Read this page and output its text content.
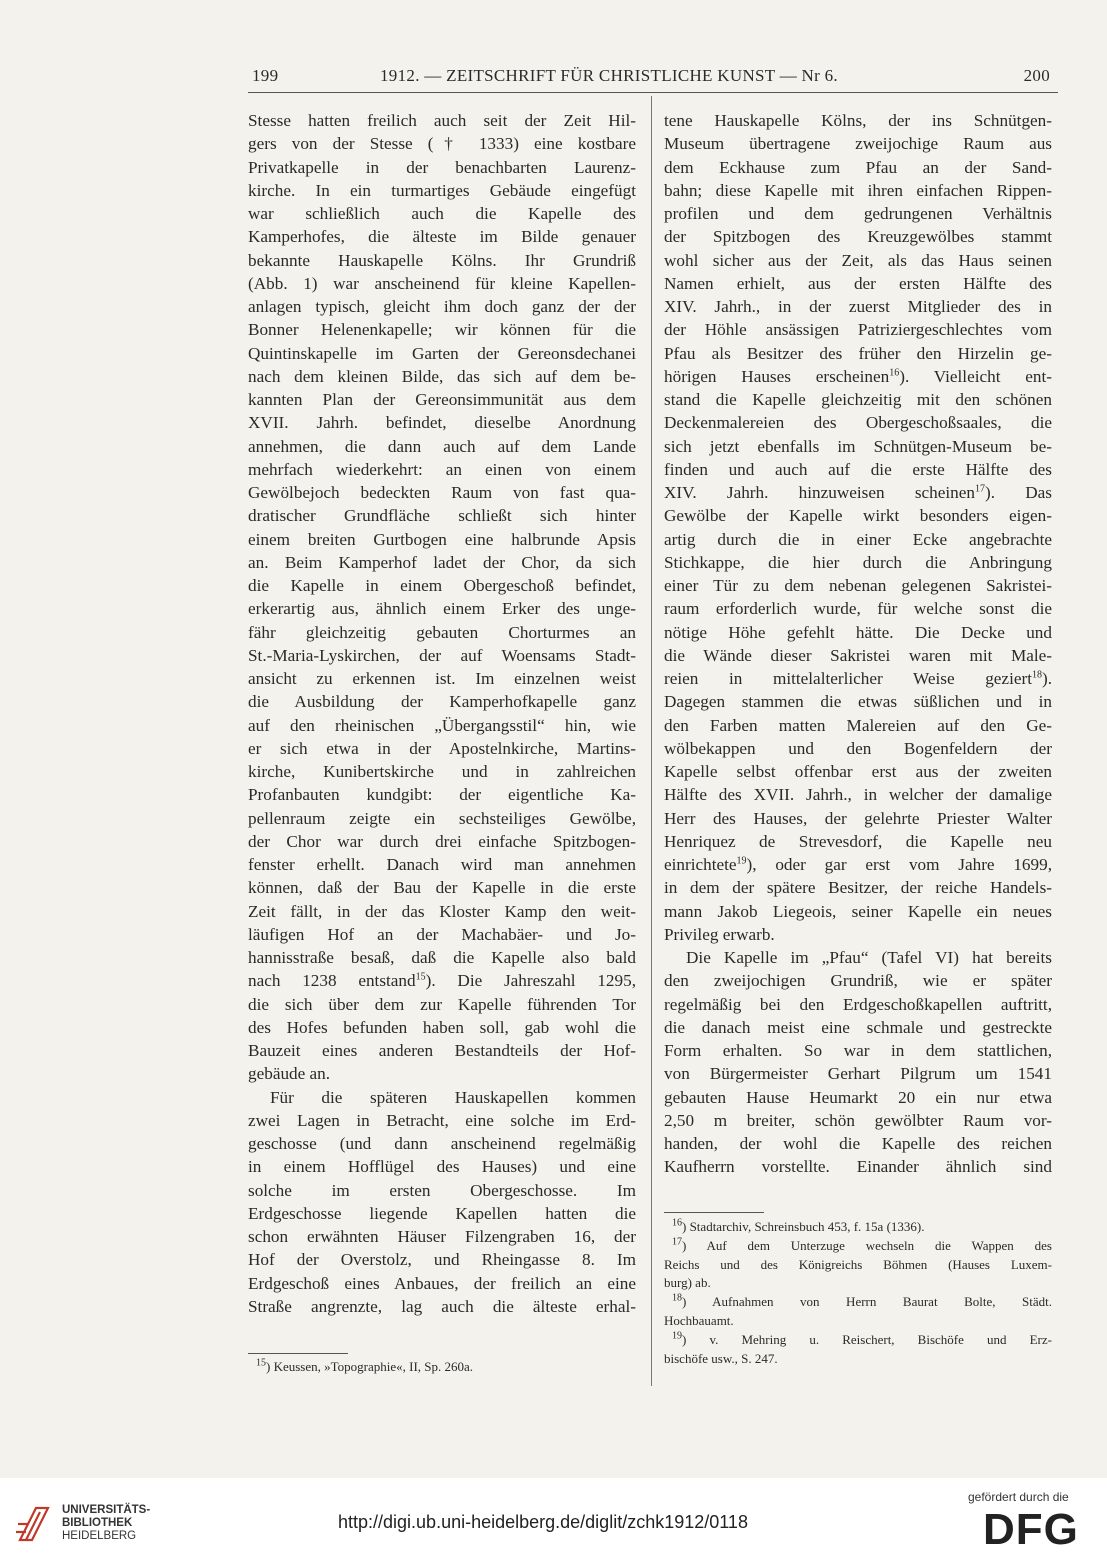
199	1912. — ZEITSCHRIFT FÜR CHRISTLICHE KUNST — Nr 6.	200
Stesse hatten freilich auch seit der Zeit Hil-
gers von der Stesse († 1333) eine kostbare
Privatkapelle in der benachbarten Laurenz-
kirche. In ein turmartiges Gebäude eingefügt
war schließlich auch die Kapelle des
Kamperhofes, die älteste im Bilde genauer
bekannte Hauskapelle Kölns. Ihr Grundriß
(Abb. 1) war anscheinend für kleine Kapellen-
anlagen typisch, gleicht ihm doch ganz der der
Bonner Helenenkapelle; wir können für die
Quintinskapelle im Garten der Gereonsdechanei
nach dem kleinen Bilde, das sich auf dem be-
kannten Plan der Gereonsimmunität aus dem
XVII. Jahrh. befindet, dieselbe Anordnung
annehmen, die dann auch auf dem Lande
mehrfach wiederkehrt: an einen von einem
Gewölbejoch bedeckten Raum von fast qua-
dratischer Grundfläche schließt sich hinter
einem breiten Gurtbogen eine halbrunde Apsis
an. Beim Kamperhof ladet der Chor, da sich
die Kapelle in einem Obergeschoß befindet,
erkerartig aus, ähnlich einem Erker des unge-
fähr gleichzeitig gebauten Chorturmes an
St.-Maria-Lyskirchen, der auf Woensams Stadt-
ansicht zu erkennen ist. Im einzelnen weist
die Ausbildung der Kamperhofkapelle ganz
auf den rheinischen „Übergangsstil“ hin, wie
er sich etwa in der Apostelnkirche, Martins-
kirche, Kunibertskirche und in zahlreichen
Profanbauten kundgibt: der eigentliche Ka-
pellenraum zeigte ein sechsteiliges Gewölbe,
der Chor war durch drei einfache Spitzbogen-
fenster erhellt. Danach wird man annehmen
können, daß der Bau der Kapelle in die erste
Zeit fällt, in der das Kloster Kamp den weit-
läufigen Hof an der Machabäer- und Jo-
hannisstraße besaß, daß die Kapelle also bald
nach 1238 entstand$^{15}$). Die Jahreszahl 1295,
die sich über dem zur Kapelle führenden Tor
des Hofes befunden haben soll, gab wohl die
Bauzeit eines anderen Bestandteils der Hof-
gebäude an.
Für die späteren Hauskapellen kommen
zwei Lagen in Betracht, eine solche im Erd-
geschosse (und dann anscheinend regelmäßig
in einem Hofflügel des Hauses) und eine
solche im ersten Obergeschosse. Im
Erdgeschosse liegende Kapellen hatten die
schon erwähnten Häuser Filzengraben 16, der
Hof der Overstolz, und Rheingasse 8. Im
Erdgeschoß eines Anbaues, der freilich an eine
Straße angrenzte, lag auch die älteste erhal-
$^{15}$) Keussen, »Topographie«, II, Sp. 260a.
tene Hauskapelle Kölns, der ins Schnütgen-
Museum übertragene zweijochige Raum aus
dem Eckhause zum Pfau an der Sand-
bahn; diese Kapelle mit ihren einfachen Rippen-
profilen und dem gedrungenen Verhältnis
der Spitzbogen des Kreuzgewölbes stammt
wohl sicher aus der Zeit, als das Haus seinen
Namen erhielt, aus der ersten Hälfte des
XIV. Jahrh., in der zuerst Mitglieder des in
der Höhle ansässigen Patriziergeschlechtes vom
Pfau als Besitzer des früher den Hirzelin ge-
hörigen Hauses erscheinen$^{16}$). Vielleicht ent-
stand die Kapelle gleichzeitig mit den schönen
Deckenmalereien des Obergeschoßsaales, die
sich jetzt ebenfalls im Schnütgen-Museum be-
finden und auch auf die erste Hälfte des
XIV. Jahrh. hinzuweisen scheinen$^{17}$). Das
Gewölbe der Kapelle wirkt besonders eigen-
artig durch die in einer Ecke angebrachte
Stichkappe, die hier durch die Anbringung
einer Tür zu dem nebenan gelegenen Sakristei-
raum erforderlich wurde, für welche sonst die
nötige Höhe gefehlt hätte. Die Decke und
die Wände dieser Sakristei waren mit Male-
reien in mittelalterlicher Weise geziert$^{18}$).
Dagegen stammen die etwas süßlichen und in
den Farben matten Malereien auf den Ge-
wölbekappen und den Bogenfeldern der
Kapelle selbst offenbar erst aus der zweiten
Hälfte des XVII. Jahrh., in welcher der damalige
Herr des Hauses, der gelehrte Priester Walter
Henriquez de Strevesdorf, die Kapelle neu
einrichtete$^{19}$), oder gar erst vom Jahre 1699,
in dem der spätere Besitzer, der reiche Handels-
mann Jakob Liegeois, seiner Kapelle ein neues
Privileg erwarb.
Die Kapelle im „Pfau“ (Tafel VI) hat bereits
den zweijochigen Grundriß, wie er später
regelmäßig bei den Erdgeschoßkapellen auftritt,
die danach meist eine schmale und gestreckte
Form erhalten. So war in dem stattlichen,
von Bürgermeister Gerhart Pilgrum um 1541
gebauten Hause Heumarkt 20 ein nur etwa
2,50 m breiter, schön gewölbter Raum vor-
handen, der wohl die Kapelle des reichen
Kaufherrn vorstellte. Einander ähnlich sind
$^{16}$) Stadtarchiv, Schreinsbuch 453, f. 15a (1336).
$^{17}$) Auf dem Unterzuge wechseln die Wappen des
Reichs und des Königreichs Böhmen (Hauses Luxem-
burg) ab.
$^{18}$) Aufnahmen von Herrn Baurat Bolte, Städt.
Hochbauamt.
$^{19}$) v. Mehring u. Reischert, Bischöfe und Erz-
bischöfe usw., S. 247.
UNIVERSITÄTS-
BIBLIOTHEK
HEIDELBERG
http://digi.ub.uni-heidelberg.de/diglit/zchk1912/0118
gefördert durch die
DFG
